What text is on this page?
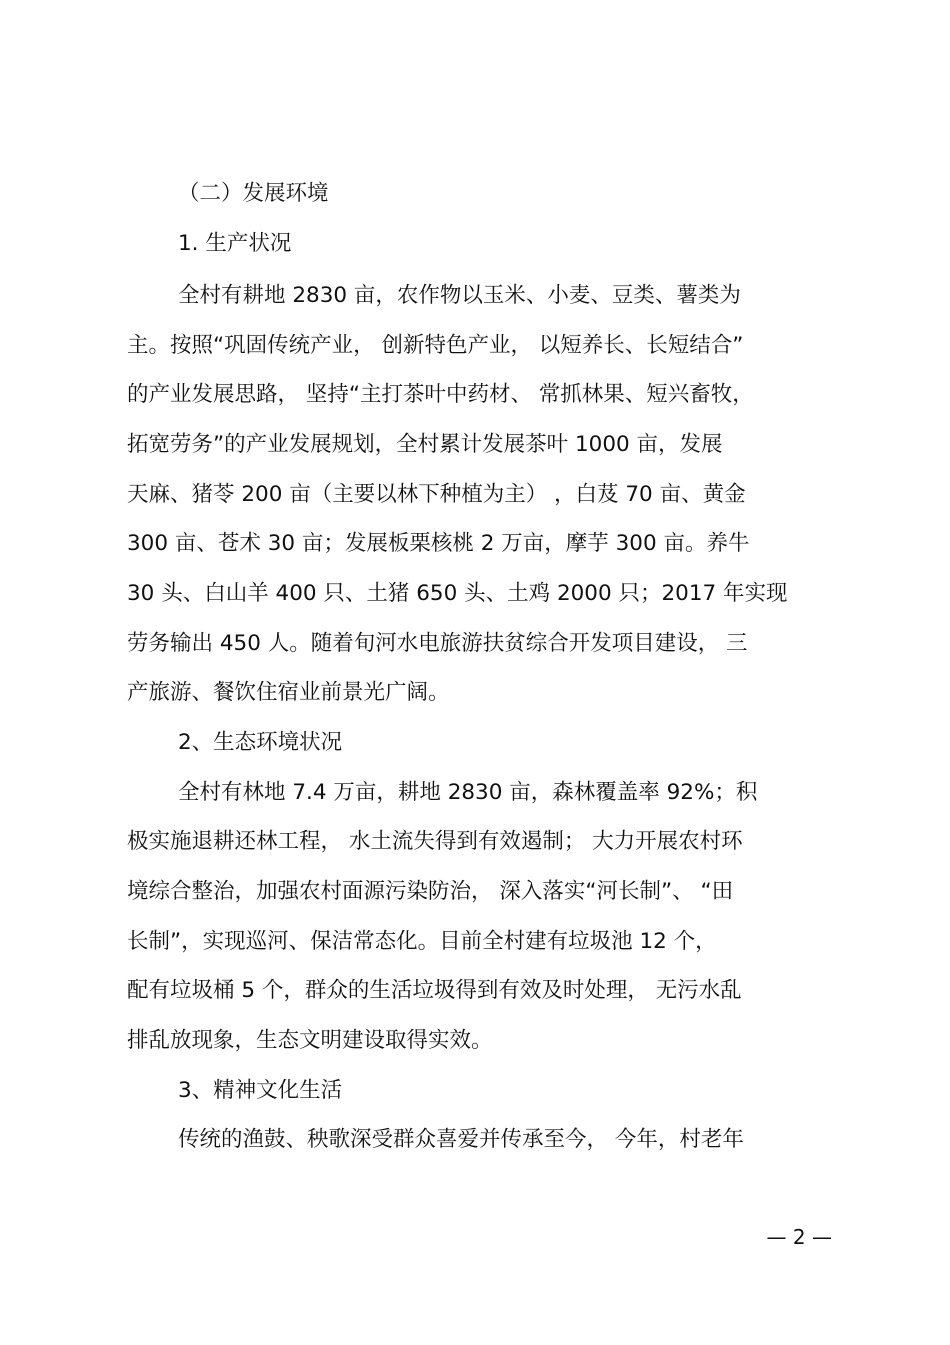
（二）发展环境
1. 生产状况
全村有耕地 2830 亩，农作物以玉米、小麦、豆类、薯类为
主。按照“巩固传统产业， 创新特色产业， 以短养长、长短结合”
的产业发展思路， 坚持“主打茶叶中药材、 常抓林果、短兴畜牧，
拓宽劳务”的产业发展规划，全村累计发展茶叶 1000 亩，发展
天麻、猪苓 200 亩（主要以林下种植为主） ，白芨 70 亩、黄金
300 亩、苍术 30 亩；发展板栗核桃 2 万亩，摩芋 300 亩。养牛
30 头、白山羊 400 只、土猪 650 头、土鸡 2000 只；2017 年实现
劳务输出 450 人。随着旬河水电旅游扶贫综合开发项目建设， 三
产旅游、餐饮住宿业前景光广阔。
2、生态环境状况
全村有林地 7.4 万亩，耕地 2830 亩，森林覆盖率 92%；积
极实施退耕还林工程， 水土流失得到有效遏制； 大力开展农村环
境综合整治，加强农村面源污染防治， 深入落实“河长制”、 “田
长制”，实现巡河、保洁常态化。目前全村建有垃圾池 12 个，
配有垃圾桶 5 个，群众的生活垃圾得到有效及时处理， 无污水乱
排乱放现象，生态文明建设取得实效。
3、精神文化生活
传统的渔鼓、秧歌深受群众喜爱并传承至今， 今年，村老年
— 2 —
